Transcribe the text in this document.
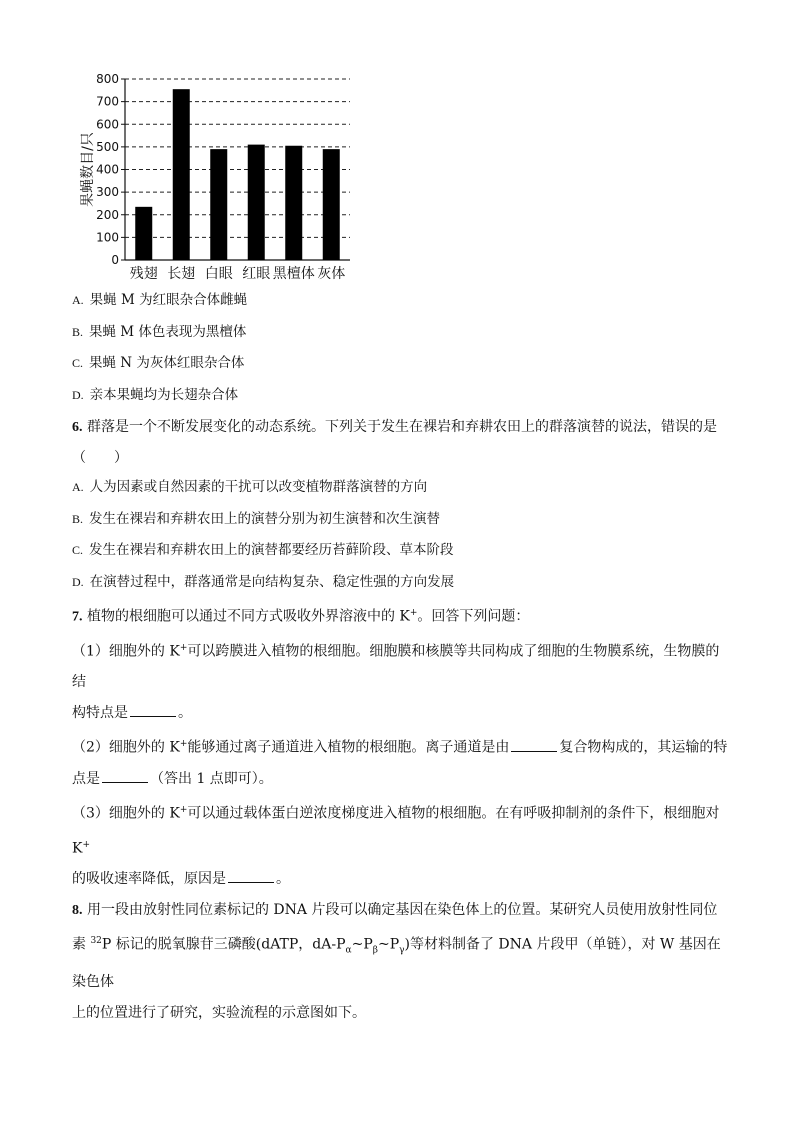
0
100
200
300
400
500
600
700
800
果蝇数目/只
残翅 长翅 白眼 红眼 黑檀体 灰体
A. 果蝇 M 为红眼杂合体雌蝇
B. 果蝇 M 体色表现为黑檀体
C. 果蝇 N 为灰体红眼杂合体
D. 亲本果蝇均为长翅杂合体
6. 群落是一个不断发展变化的动态系统。下列关于发生在裸岩和弃耕农田上的群落演替的说法，错误的是
（　　）
A. 人为因素或自然因素的干扰可以改变植物群落演替的方向
B. 发生在裸岩和弃耕农田上的演替分别为初生演替和次生演替
C. 发生在裸岩和弃耕农田上的演替都要经历苔藓阶段、草本阶段
D. 在演替过程中，群落通常是向结构复杂、稳定性强的方向发展
7. 植物的根细胞可以通过不同方式吸收外界溶液中的 K+。回答下列问题：
（1）细胞外的 K+可以跨膜进入植物的根细胞。细胞膜和核膜等共同构成了细胞的生物膜系统，生物膜的结
构特点是	。
（2）细胞外的 K+能够通过离子通道进入植物的根细胞。离子通道是由	复合物构成的，其运输的特
点是	（答出 1 点即可）。
（3）细胞外的 K+可以通过载体蛋白逆浓度梯度进入植物的根细胞。在有呼吸抑制剂的条件下，根细胞对 K+
的吸收速率降低，原因是	。
8. 用一段由放射性同位素标记的 DNA 片段可以确定基因在染色体上的位置。某研究人员使用放射性同位
素 $^{32}$P 标记的脱氧腺苷三磷酸(dATP，$dA-P_\alpha\sim P_\beta\sim P_\gamma$)等材料制备了 DNA 片段甲（单链），对 W 基因在染色体
上的位置进行了研究，实验流程的示意图如下。
